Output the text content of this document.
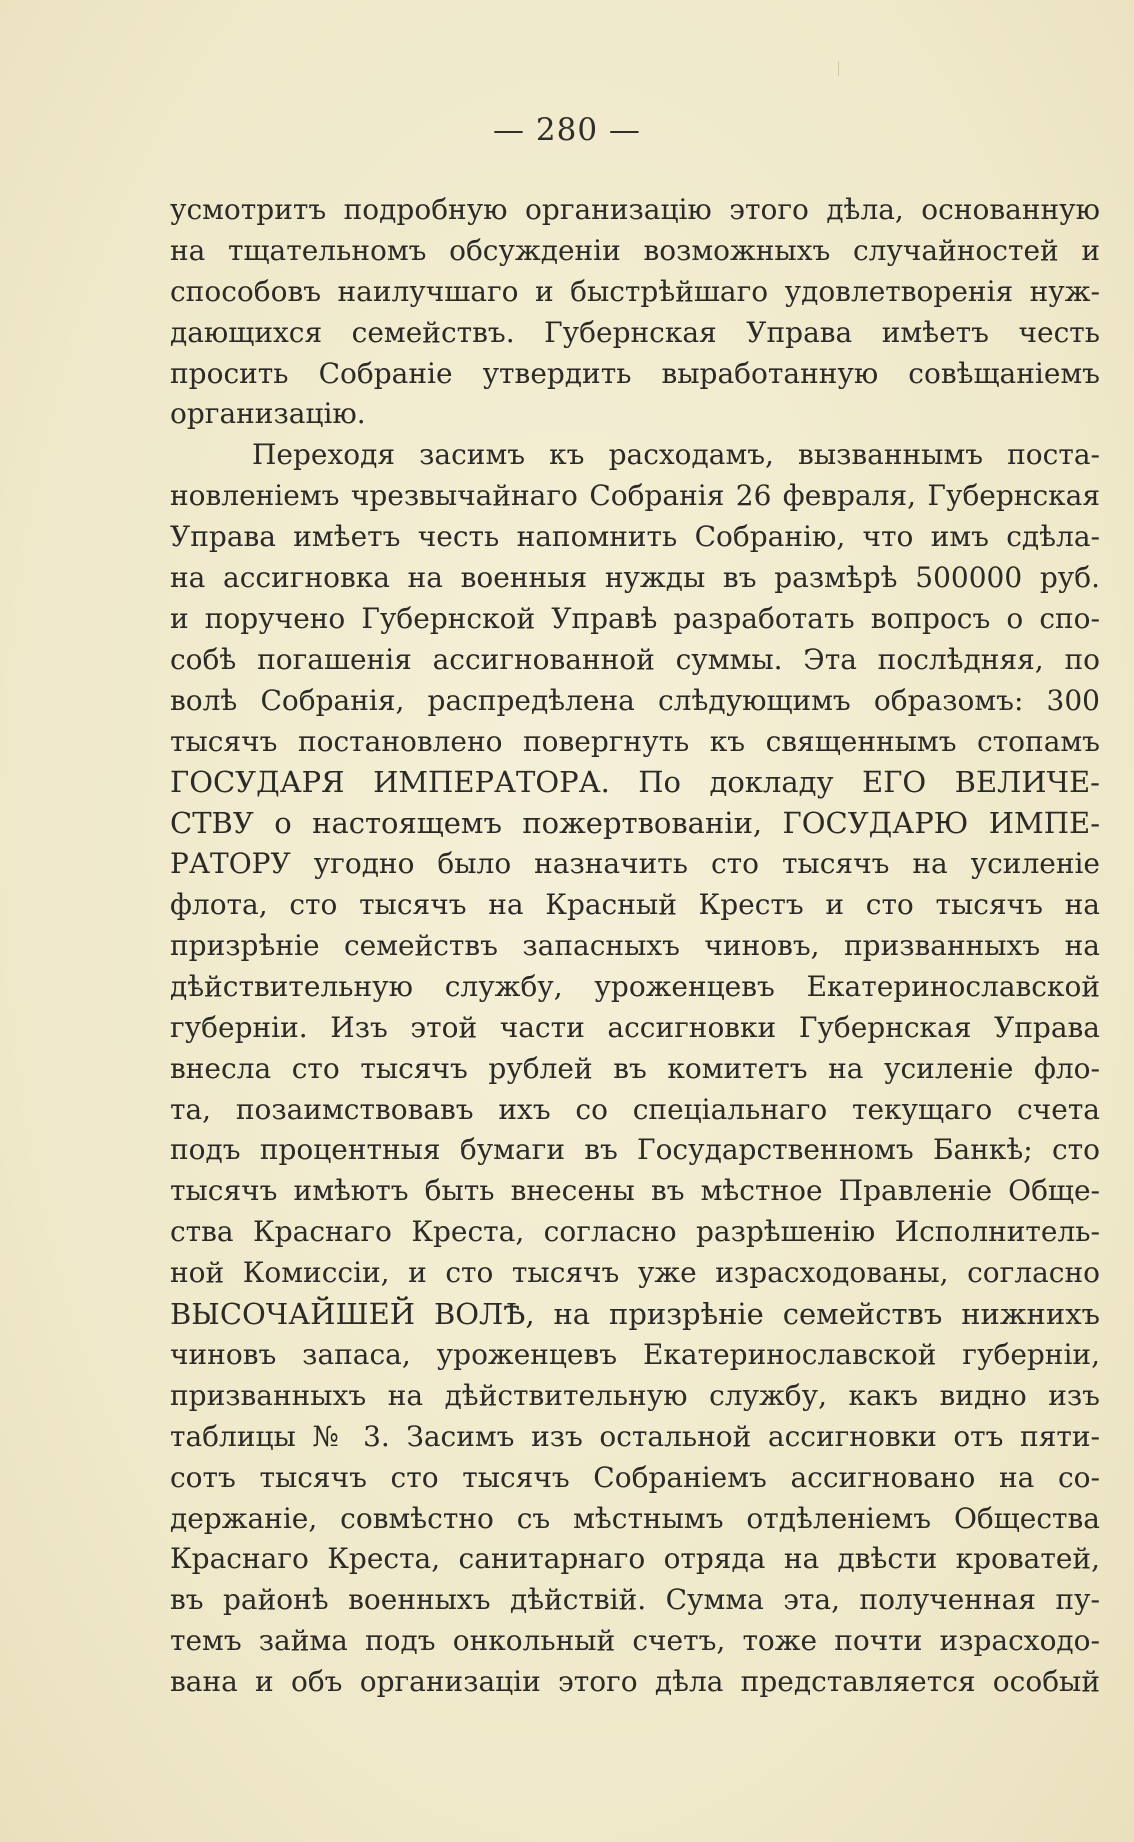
— 280 —
усмотритъ подробную организацію этого дѣла, основанную
на тщательномъ обсужденіи возможныхъ случайностей и
способовъ наилучшаго и быстрѣйшаго удовлетворенія нуж-
дающихся семействъ. Губернская Управа имѣетъ честь
просить Собраніе утвердить выработанную совѣщаніемъ
организацію.
Переходя засимъ къ расходамъ, вызваннымъ поста-
новленіемъ чрезвычайнаго Собранія 26 февраля, Губернская
Управа имѣетъ честь напомнить Собранію, что имъ сдѣла-
на ассигновка на военныя нужды въ размѣрѣ 500000 руб.
и поручено Губернской Управѣ разработать вопросъ о спо-
собѣ погашенія ассигнованной суммы. Эта послѣдняя, по
волѣ Собранія, распредѣлена слѣдующимъ образомъ: 300
тысячъ постановлено повергнуть къ священнымъ стопамъ
ГОСУДАРЯ ИМПЕРАТОРА. По докладу ЕГО ВЕЛИЧЕ-
СТВУ о настоящемъ пожертвованіи, ГОСУДАРЮ ИМПЕ-
РАТОРУ угодно было назначить сто тысячъ на усиленіе
флота, сто тысячъ на Красный Крестъ и сто тысячъ на
призрѣніе семействъ запасныхъ чиновъ, призванныхъ на
дѣйствительную службу, уроженцевъ Екатеринославской
губерніи. Изъ этой части ассигновки Губернская Управа
внесла сто тысячъ рублей въ комитетъ на усиленіе фло-
та, позаимствовавъ ихъ со спеціальнаго текущаго счета
подъ процентныя бумаги въ Государственномъ Банкѣ; сто
тысячъ имѣютъ быть внесены въ мѣстное Правленіе Обще-
ства Краснаго Креста, согласно разрѣшенію Исполнитель-
ной Комиссіи, и сто тысячъ уже израсходованы, согласно
ВЫСОЧАЙШЕЙ ВОЛѢ, на призрѣніе семействъ нижнихъ
чиновъ запаса, уроженцевъ Екатеринославской губерніи,
призванныхъ на дѣйствительную службу, какъ видно изъ
таблицы № 3. Засимъ изъ остальной ассигновки отъ пяти-
сотъ тысячъ сто тысячъ Собраніемъ ассигновано на со-
держаніе, совмѣстно съ мѣстнымъ отдѣленіемъ Общества
Краснаго Креста, санитарнаго отряда на двѣсти кроватей,
въ районѣ военныхъ дѣйствій. Сумма эта, полученная пу-
темъ займа подъ онкольный счетъ, тоже почти израсходо-
вана и объ организаціи этого дѣла представляется особый
